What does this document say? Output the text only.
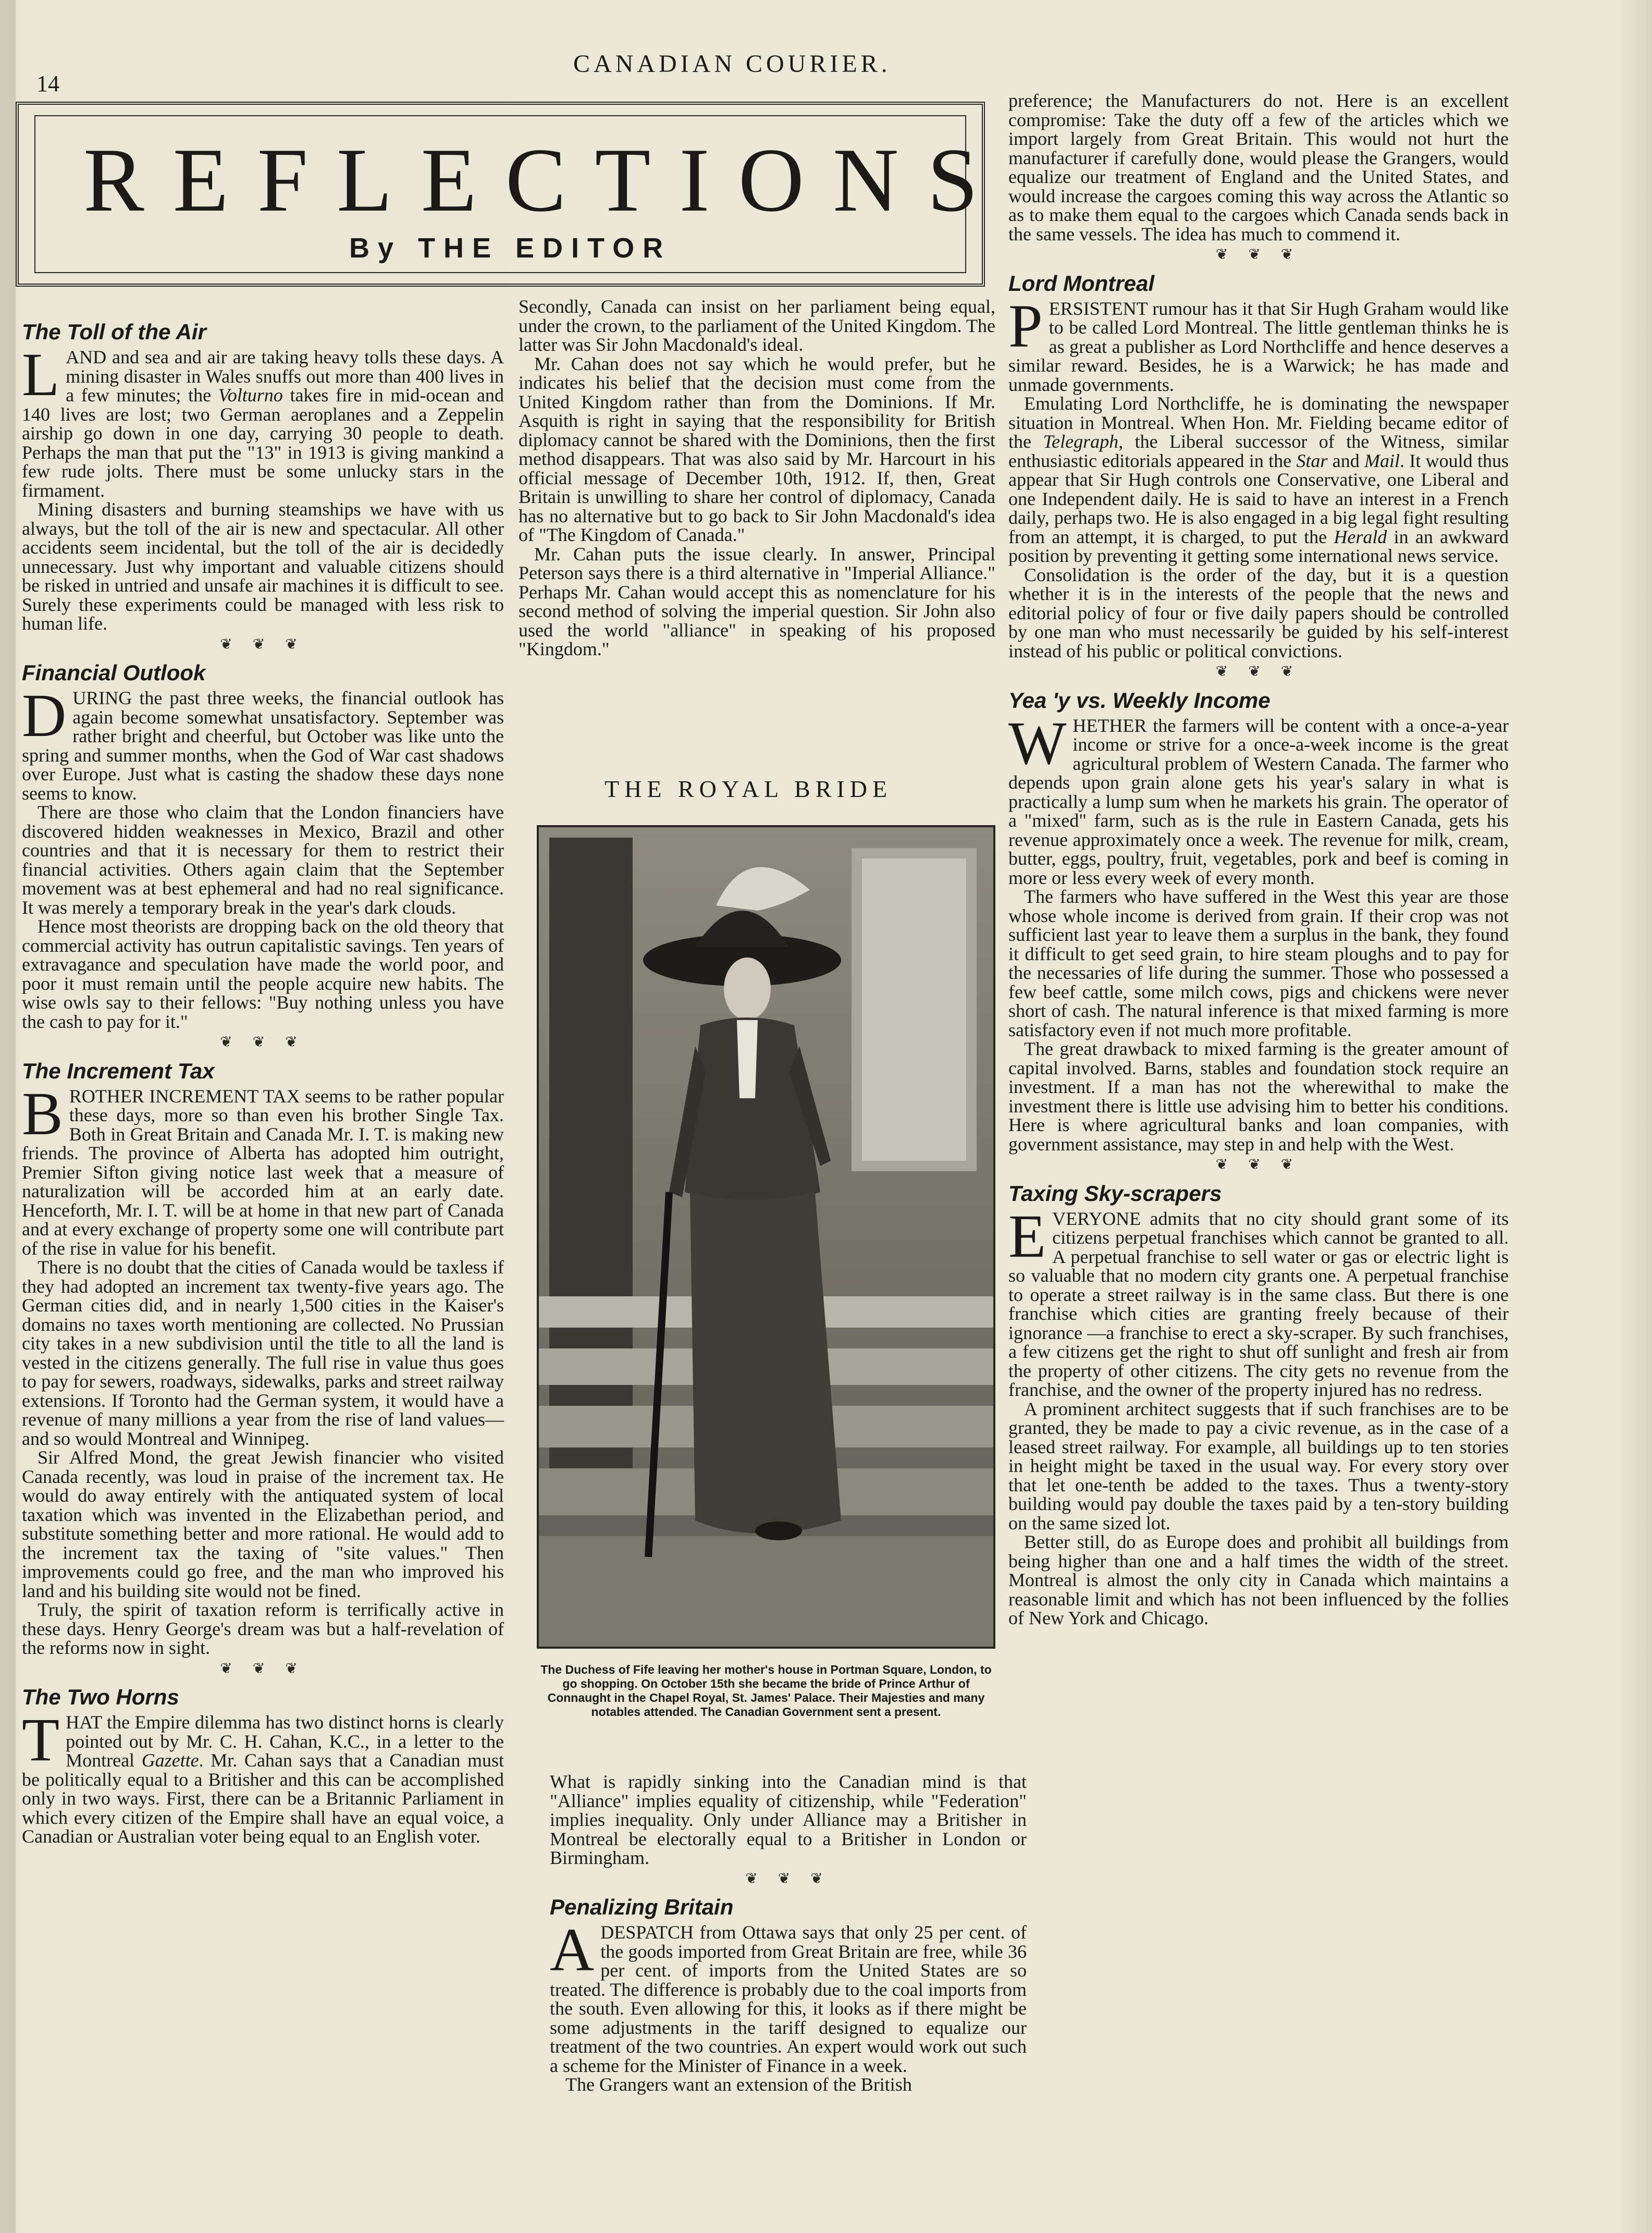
14
CANADIAN COURIER.
REFLECTIONS
By THE EDITOR
The Toll of the Air

LAND and sea and air are taking heavy tolls these days. A mining disaster in Wales snuffs out more than 400 lives in a few minutes; the Volturno takes fire in mid-ocean and 140 lives are lost; two German aeroplanes and a Zeppelin airship go down in one day, carrying 30 people to death. Perhaps the man that put the "13" in 1913 is giving mankind a few rude jolts. There must be some unlucky stars in the firmament.

Mining disasters and burning steamships we have with us always, but the toll of the air is new and spectacular. All other accidents seem incidental, but the toll of the air is decidedly unnecessary. Just why important and valuable citizens should be risked in untried and unsafe air machines it is difficult to see. Surely these experiments could be managed with less risk to human life.

❦ ❦ ❦
Financial Outlook

DURING the past three weeks, the financial outlook has again become somewhat unsatisfactory. September was rather bright and cheerful, but October was like unto the spring and summer months, when the God of War cast shadows over Europe. Just what is casting the shadow these days none seems to know.

There are those who claim that the London financiers have discovered hidden weaknesses in Mexico, Brazil and other countries and that it is necessary for them to restrict their financial activities. Others again claim that the September movement was at best ephemeral and had no real significance. It was merely a temporary break in the year's dark clouds.

Hence most theorists are dropping back on the old theory that commercial activity has outrun capitalistic savings. Ten years of extravagance and speculation have made the world poor, and poor it must remain until the people acquire new habits. The wise owls say to their fellows: "Buy nothing unless you have the cash to pay for it."

❦ ❦ ❦
The Increment Tax

BROTHER INCREMENT TAX seems to be rather popular these days, more so than even his brother Single Tax. Both in Great Britain and Canada Mr. I. T. is making new friends. The province of Alberta has adopted him outright, Premier Sifton giving notice last week that a measure of naturalization will be accorded him at an early date. Henceforth, Mr. I. T. will be at home in that new part of Canada and at every exchange of property some one will contribute part of the rise in value for his benefit.

There is no doubt that the cities of Canada would be taxless if they had adopted an increment tax twenty-five years ago. The German cities did, and in nearly 1,500 cities in the Kaiser's domains no taxes worth mentioning are collected. No Prussian city takes in a new subdivision until the title to all the land is vested in the citizens generally. The full rise in value thus goes to pay for sewers, roadways, sidewalks, parks and street railway extensions. If Toronto had the German system, it would have a revenue of many millions a year from the rise of land values—and so would Montreal and Winnipeg.

Sir Alfred Mond, the great Jewish financier who visited Canada recently, was loud in praise of the increment tax. He would do away entirely with the antiquated system of local taxation which was invented in the Elizabethan period, and substitute something better and more rational. He would add to the increment tax the taxing of "site values." Then improvements could go free, and the man who improved his land and his building site would not be fined.

Truly, the spirit of taxation reform is terrifically active in these days. Henry George's dream was but a half-revelation of the reforms now in sight.

❦ ❦ ❦
The Two Horns

THAT the Empire dilemma has two distinct horns is clearly pointed out by Mr. C. H. Cahan, K.C., in a letter to the Montreal Gazette. Mr. Cahan says that a Canadian must be politically equal to a Britisher and this can be accomplished only in two ways. First, there can be a Britannic Parliament in which every citizen of the Empire shall have an equal voice, a Canadian or Australian voter being equal to an English voter.

Secondly, Canada can insist on her parliament being equal, under the crown, to the parliament of the United Kingdom. The latter was Sir John Macdonald's ideal.

Mr. Cahan does not say which he would prefer, but he indicates his belief that the decision must come from the United Kingdom rather than from the Dominions. If Mr. Asquith is right in saying that the responsibility for British diplomacy cannot be shared with the Dominions, then the first method disappears. That was also said by Mr. Harcourt in his official message of December 10th, 1912. If, then, Great Britain is unwilling to share her control of diplomacy, Canada has no alternative but to go back to Sir John Macdonald's idea of "The Kingdom of Canada."

Mr. Cahan puts the issue clearly. In answer, Principal Peterson says there is a third alternative in "Imperial Alliance." Perhaps Mr. Cahan would accept this as nomenclature for his second method of solving the imperial question. Sir John also used the world "alliance" in speaking of his proposed "Kingdom."

THE ROYAL BRIDE
The Duchess of Fife leaving her mother's house in Portman Square, London, to go shopping. On October 15th she became the bride of Prince Arthur of Connaught in the Chapel Royal, St. James' Palace. Their Majesties and many notables attended. The Canadian Government sent a present.

What is rapidly sinking into the Canadian mind is that "Alliance" implies equality of citizenship, while "Federation" implies inequality. Only under Alliance may a Britisher in Montreal be electorally equal to a Britisher in London or Birmingham.

❦ ❦ ❦
Penalizing Britain

ADESPATCH from Ottawa says that only 25 per cent. of the goods imported from Great Britain are free, while 36 per cent. of imports from the United States are so treated. The difference is probably due to the coal imports from the south. Even allowing for this, it looks as if there might be some adjustments in the tariff designed to equalize our treatment of the two countries. An expert would work out such a scheme for the Minister of Finance in a week.

The Grangers want an extension of the British

preference; the Manufacturers do not. Here is an excellent compromise: Take the duty off a few of the articles which we import largely from Great Britain. This would not hurt the manufacturer if carefully done, would please the Grangers, would equalize our treatment of England and the United States, and would increase the cargoes coming this way across the Atlantic so as to make them equal to the cargoes which Canada sends back in the same vessels. The idea has much to commend it.

❦ ❦ ❦
Lord Montreal

PERSISTENT rumour has it that Sir Hugh Graham would like to be called Lord Montreal. The little gentleman thinks he is as great a publisher as Lord Northcliffe and hence deserves a similar reward. Besides, he is a Warwick; he has made and unmade governments.

Emulating Lord Northcliffe, he is dominating the newspaper situation in Montreal. When Hon. Mr. Fielding became editor of the Telegraph, the Liberal successor of the Witness, similar enthusiastic editorials appeared in the Star and Mail. It would thus appear that Sir Hugh controls one Conservative, one Liberal and one Independent daily. He is said to have an interest in a French daily, perhaps two. He is also engaged in a big legal fight resulting from an attempt, it is charged, to put the Herald in an awkward position by preventing it getting some international news service.

Consolidation is the order of the day, but it is a question whether it is in the interests of the people that the news and editorial policy of four or five daily papers should be controlled by one man who must necessarily be guided by his self-interest instead of his public or political convictions.

❦ ❦ ❦
Yea 'y vs. Weekly Income

WHETHER the farmers will be content with a once-a-year income or strive for a once-a-week income is the great agricultural problem of Western Canada. The farmer who depends upon grain alone gets his year's salary in what is practically a lump sum when he markets his grain. The operator of a "mixed" farm, such as is the rule in Eastern Canada, gets his revenue approximately once a week. The revenue for milk, cream, butter, eggs, poultry, fruit, vegetables, pork and beef is coming in more or less every week of every month.

The farmers who have suffered in the West this year are those whose whole income is derived from grain. If their crop was not sufficient last year to leave them a surplus in the bank, they found it difficult to get seed grain, to hire steam ploughs and to pay for the necessaries of life during the summer. Those who possessed a few beef cattle, some milch cows, pigs and chickens were never short of cash. The natural inference is that mixed farming is more satisfactory even if not much more profitable.

The great drawback to mixed farming is the greater amount of capital involved. Barns, stables and foundation stock require an investment. If a man has not the wherewithal to make the investment there is little use advising him to better his conditions. Here is where agricultural banks and loan companies, with government assistance, may step in and help with the West.

❦ ❦ ❦
Taxing Sky-scrapers

EVERYONE admits that no city should grant some of its citizens perpetual franchises which cannot be granted to all. A perpetual franchise to sell water or gas or electric light is so valuable that no modern city grants one. A perpetual franchise to operate a street railway is in the same class. But there is one franchise which cities are granting freely because of their ignorance —a franchise to erect a sky-scraper. By such franchises, a few citizens get the right to shut off sunlight and fresh air from the property of other citizens. The city gets no revenue from the franchise, and the owner of the property injured has no redress.

A prominent architect suggests that if such franchises are to be granted, they be made to pay a civic revenue, as in the case of a leased street railway. For example, all buildings up to ten stories in height might be taxed in the usual way. For every story over that let one-tenth be added to the taxes. Thus a twenty-story building would pay double the taxes paid by a ten-story building on the same sized lot.

Better still, do as Europe does and prohibit all buildings from being higher than one and a half times the width of the street. Montreal is almost the only city in Canada which maintains a reasonable limit and which has not been influenced by the follies of New York and Chicago.
